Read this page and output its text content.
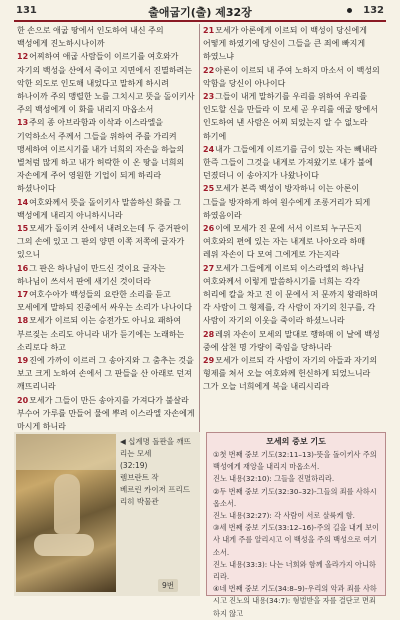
131	출애굽기(출) 제32장	132

한 손으로 애굽 땅에서 인도하여 내신 주의 백성에게 진노하시나이까

12어찌하여 애굽 사람들이 이르기를 여호와가 자기의 백성을 산에서 죽이고 지면에서 진멸하려는 악한 의도로 인도해 내었다고 말하게 하시려 하나이까 주의 맹렬한 노를 그치시고 뜻을 돌이키사 주의 백성에게 이 화를 내리지 마옵소서

13주의 종 아브라함과 이삭과 이스라엘을 기억하소서 주께서 그들을 위하여 주를 가리켜 맹세하여 이르시기를 내가 너희의 자손을 하늘의 별처럼 많게 하고 내가 허락한 이 온 땅을 너희의 자손에게 주어 영원한 기업이 되게 하리라 하셨나이다

14여호와께서 뜻을 돌이키사 말씀하신 화를 그 백성에게 내리지 아니하시니라

15모세가 돌이켜 산에서 내려오는데 두 증거판이 그의 손에 있고 그 판의 양면 이쪽 저쪽에 글자가 있으니

16그 판은 하나님이 만드신 것이요 글자는 하나님이 쓰셔서 판에 새기신 것이더라

17여호수아가 백성들의 요란한 소리를 듣고 모세에게 말하되 진중에서 싸우는 소리가 나나이다

18모세가 이르되 이는 승전가도 아니요 패하여 부르짖는 소리도 아니라 내가 듣기에는 노래하는 소리로다 하고

19진에 가까이 이르러 그 송아지와 그 춤추는 것을 보고 크게 노하여 손에서 그 판들을 산 아래로 던져 깨뜨리니라

20모세가 그들이 만든 송아지를 가져다가 불살라 부수어 가루를 만들어 물에 뿌려 이스라엘 자손에게 마시게 하니라

21모세가 아론에게 이르되 이 백성이 당신에게 어떻게 하였기에 당신이 그들을 큰 죄에 빠지게 하였느냐

22아론이 이르되 내 주여 노하지 마소서 이 백성의 악함을 당신이 아나이다

23그들이 내게 말하기를 우리를 위하여 우리를 인도할 신을 만들라 이 모세 곧 우리를 애굽 땅에서 인도하여 낸 사람은 어찌 되었는지 알 수 없노라 하기에

24내가 그들에게 이르기를 금이 있는 자는 빼내라 한즉 그들이 그것을 내게로 가져왔기로 내가 불에 던졌더니 이 송아지가 나왔나이다

25모세가 본즉 백성이 방자하니 이는 아론이 그들을 방자하게 하여 원수에게 조롱거리가 되게 하였음이라

26이에 모세가 진 문에 서서 이르되 누구든지 여호와의 편에 있는 자는 내게로 나아오라 하매 레위 자손이 다 모여 그에게로 가는지라

27모세가 그들에게 이르되 이스라엘의 하나님 여호와께서 이렇게 말씀하시기를 너희는 각각 허리에 칼을 차고 진 이 문에서 저 문까지 왕래하며 각 사람이 그 형제를, 각 사람이 자기의 친구를, 각 사람이 자기의 이웃을 죽이라 하셨느니라

28레위 자손이 모세의 말대로 행하매 이 날에 백성 중에 삼천 명 가량이 죽임을 당하니라

29모세가 이르되 각 사람이 자기의 아들과 자기의 형제를 쳐서 오늘 여호와께 헌신하게 되었느니라 그가 오늘 너희에게 복을 내리시리라

◀ 십계명 돌판을 깨뜨리는 모세
(32:19)
렘브란트 작
베르린 카이저 프리드리히 박물관
9번
모세의 중보 기도

①첫 번째 중보 기도(32:11–13)-뜻을 돌이키사 주의 백성에게 재앙을 내리지 마옵소서.

진노 내용(32:10): 그들을 진멸하리라.

②두 번째 중보 기도(32:30–32)-그들의 죄를 사하시옵소서.

진노 내용(32:27): 각 사람이 서로 살륙케 함.

③세 번째 중보 기도(33:12–16)-주의 길을 내게 보이사 내게 주를 알리시고 이 백성을 주의 백성으로 여기소서.

진노 내용(33:3): 나는 너희와 함께 올라가지 아니하리라.

④네 번째 중보 기도(34:8–9)-우리의 악과 죄를 사하시고 진노의 내용(34:7): 형벌받을 자를 결단코 면죄하지 않고
